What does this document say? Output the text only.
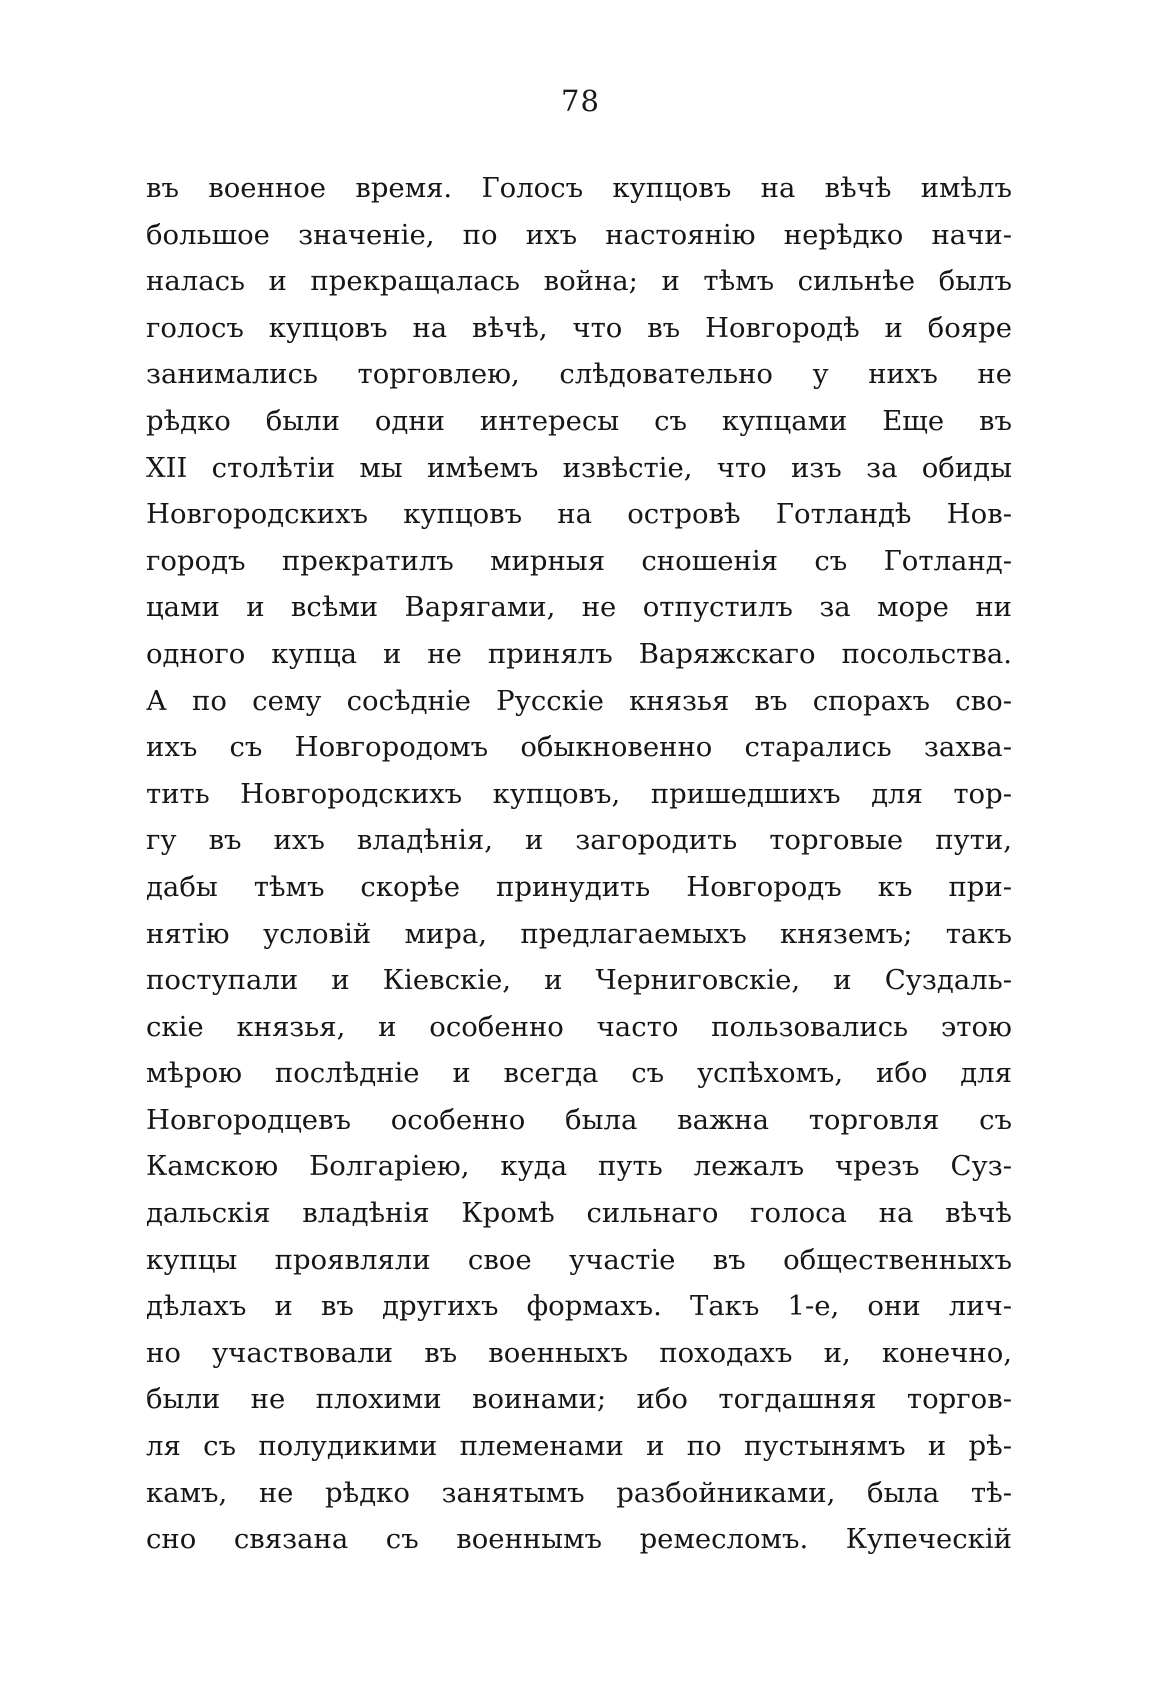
78
въ военное время. Голосъ купцовъ на вѣчѣ имѣлъ
большое значенiе, по ихъ настоянiю нерѣдко начи-
налась и прекращалась война; и тѣмъ сильнѣе былъ
голосъ купцовъ на вѣчѣ, что въ Новгородѣ и бояре
занимались торговлею, слѣдовательно у нихъ не
рѣдко были одни интересы съ купцами Еще въ
XII столѣтiи мы имѣемъ извѣстiе, что изъ за обиды
Новгородскихъ купцовъ на островѣ Готландѣ Нов-
городъ прекратилъ мирныя сношенiя съ Готланд-
цами и всѣми Варягами, не отпустилъ за море ни
одного купца и не принялъ Варяжскаго посольства.
А по сему сосѣднiе Русскiе князья въ спорахъ сво-
ихъ съ Новгородомъ обыкновенно старались захва-
тить Новгородскихъ купцовъ, пришедшихъ для тор-
гу въ ихъ владѣнiя, и загородить торговые пути,
дабы тѣмъ скорѣе принудить Новгородъ къ при-
нятiю условiй мира, предлагаемыхъ княземъ; такъ
поступали и Кiевскiе, и Черниговскiе, и Суздаль-
скiе князья, и особенно часто пользовались этою
мѣрою послѣднiе и всегда съ успѣхомъ, ибо для
Новгородцевъ особенно была важна торговля съ
Камскою Болгарiею, куда путь лежалъ чрезъ Суз-
дальскiя владѣнiя Кромѣ сильнаго голоса на вѣчѣ
купцы проявляли свое участiе въ общественныхъ
дѣлахъ и въ другихъ формахъ. Такъ 1-е, они лич-
но участвовали въ военныхъ походахъ и, конечно,
были не плохими воинами; ибо тогдашняя торгов-
ля съ полудикими племенами и по пустынямъ и рѣ-
камъ, не рѣдко занятымъ разбойниками, была тѣ-
сно связана съ военнымъ ремесломъ. Купеческiй
